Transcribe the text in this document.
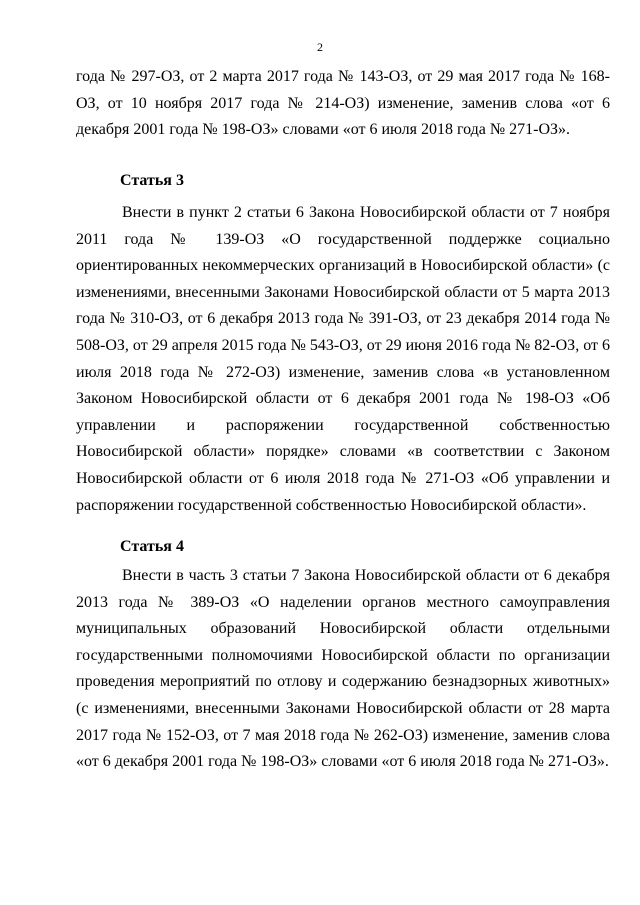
2

года № 297-ОЗ, от 2 марта 2017 года № 143-ОЗ, от 29 мая 2017 года № 168-ОЗ, от 10 ноября 2017 года № 214-ОЗ) изменение, заменив слова «от 6 декабря 2001 года № 198-ОЗ» словами «от 6 июля 2018 года № 271-ОЗ».

Статья 3

Внести в пункт 2 статьи 6 Закона Новосибирской области от 7 ноября 2011 года № 139-ОЗ «О государственной поддержке социально ориентированных некоммерческих организаций в Новосибирской области» (с изменениями, внесенными Законами Новосибирской области от 5 марта 2013 года № 310-ОЗ, от 6 декабря 2013 года № 391-ОЗ, от 23 декабря 2014 года № 508-ОЗ, от 29 апреля 2015 года № 543-ОЗ, от 29 июня 2016 года № 82-ОЗ, от 6 июля 2018 года № 272-ОЗ) изменение, заменив слова «в установленном Законом Новосибирской области от 6 декабря 2001 года № 198-ОЗ «Об управлении и распоряжении государственной собственностью Новосибирской области» порядке» словами «в соответствии с Законом Новосибирской области от 6 июля 2018 года № 271-ОЗ «Об управлении и распоряжении государственной собственностью Новосибирской области».

Статья 4

Внести в часть 3 статьи 7 Закона Новосибирской области от 6 декабря 2013 года № 389-ОЗ «О наделении органов местного самоуправления муниципальных образований Новосибирской области отдельными государственными полномочиями Новосибирской области по организации проведения мероприятий по отлову и содержанию безнадзорных животных» (с изменениями, внесенными Законами Новосибирской области от 28 марта 2017 года № 152-ОЗ, от 7 мая 2018 года № 262-ОЗ) изменение, заменив слова «от 6 декабря 2001 года № 198-ОЗ» словами «от 6 июля 2018 года № 271-ОЗ».
